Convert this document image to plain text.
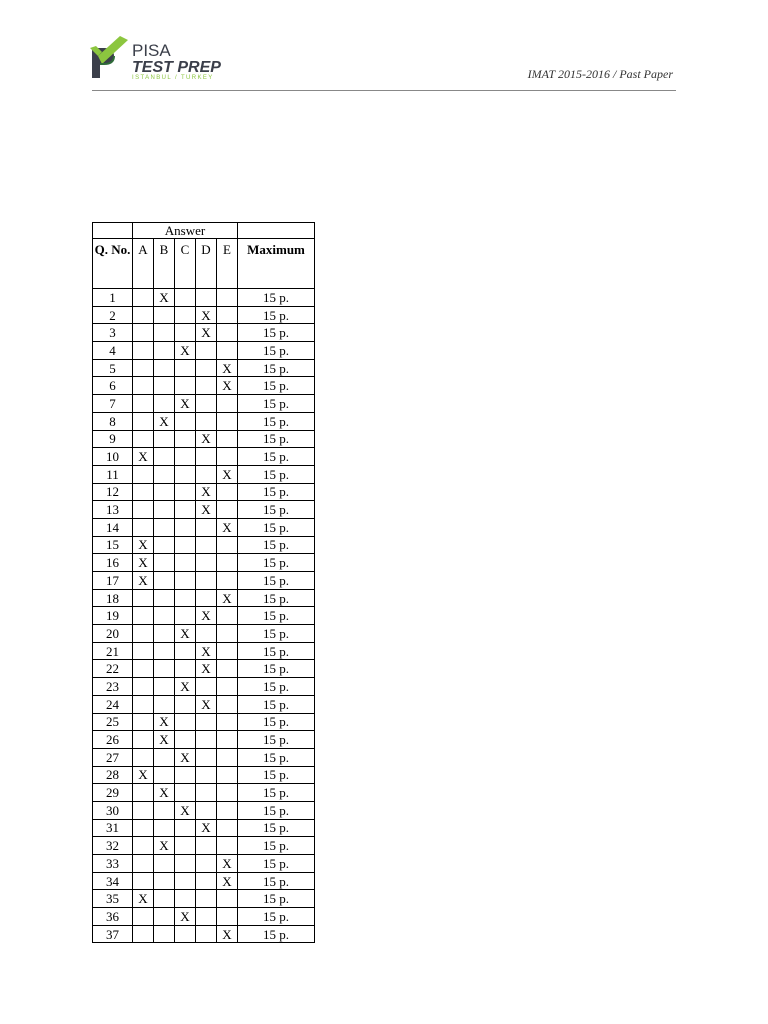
PISA
TEST PREP
ISTANBUL / TURKEY	IMAT 2015-2016 / Past Paper
	Answer					
Q. No.	A	B	C	D	E	Maximum
1		X				15 p.
2				X		15 p.
3				X		15 p.
4			X			15 p.
5					X	15 p.
6					X	15 p.
7			X			15 p.
8		X				15 p.
9				X		15 p.
10	X					15 p.
11					X	15 p.
12				X		15 p.
13				X		15 p.
14					X	15 p.
15	X					15 p.
16	X					15 p.
17	X					15 p.
18					X	15 p.
19				X		15 p.
20			X			15 p.
21				X		15 p.
22				X		15 p.
23			X			15 p.
24				X		15 p.
25		X				15 p.
26		X				15 p.
27			X			15 p.
28	X					15 p.
29		X				15 p.
30			X			15 p.
31				X		15 p.
32		X				15 p.
33					X	15 p.
34					X	15 p.
35	X					15 p.
36			X			15 p.
37					X	15 p.
